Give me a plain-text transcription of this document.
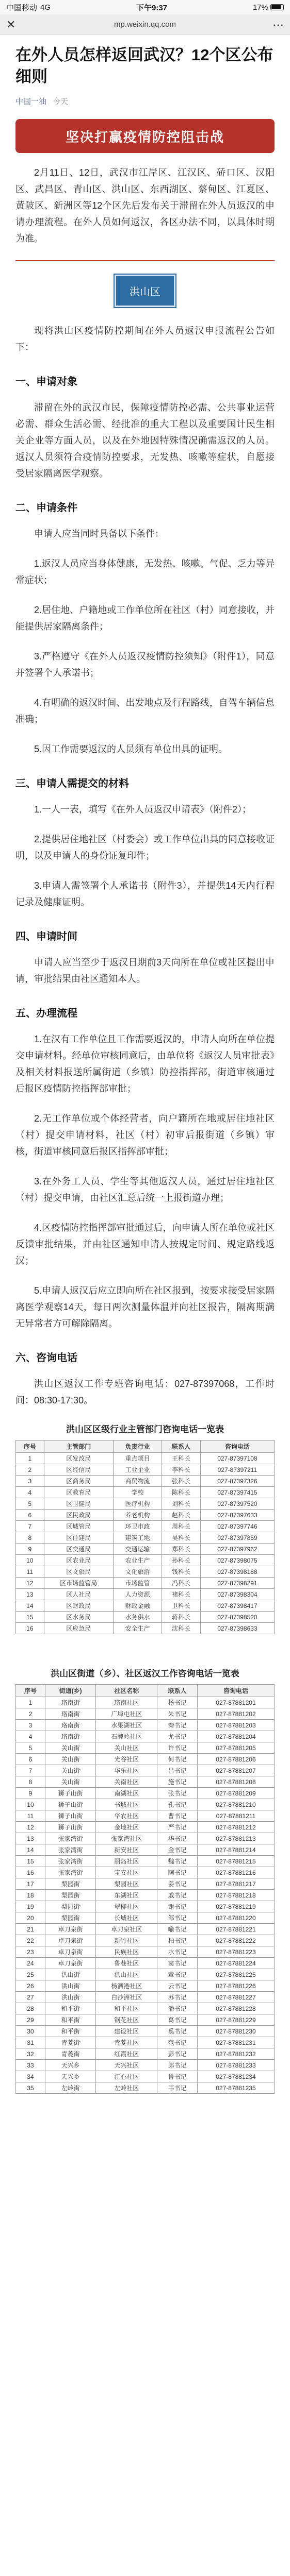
中国移动 4G	下午9:37	17%
✕	mp.weixin.qq.com	···
在外人员怎样返回武汉？12个区公布细则
中国一油 今天
坚决打赢疫情防控阻击战

2月11日、12日，武汉市江岸区、江汉区、硚口区、汉阳区、武昌区、青山区、洪山区、东西湖区、蔡甸区、江夏区、黄陂区、新洲区等12个区先后发布关于滞留在外人员返汉的申请办理流程。在外人员如何返汉，各区办法不同，以具体时期为准。

洪山区

现将洪山区疫情防控期间在外人员返汉申报流程公告如下：

一、申请对象

滞留在外的武汉市民，保障疫情防控必需、公共事业运营必需、群众生活必需、经批准的重大工程以及重要国计民生相关企业等方面人员，以及在外地因特殊情况确需返汉的人员。返汉人员须符合疫情防控要求，无发热、咳嗽等症状，自愿接受居家隔离医学观察。

二、申请条件

申请人应当同时具备以下条件：

1.返汉人员应当身体健康，无发热、咳嗽、气促、乏力等异常症状；

2.居住地、户籍地或工作单位所在社区（村）同意接收，并能提供居家隔离条件；

3.严格遵守《在外人员返汉疫情防控须知》（附件1），同意并签署个人承诺书；

4.有明确的返汉时间、出发地点及行程路线，自驾车辆信息准确；

5.因工作需要返汉的人员须有单位出具的证明。

三、申请人需提交的材料

1.一人一表，填写《在外人员返汉申请表》（附件2）；

2.提供居住地社区（村委会）或工作单位出具的同意接收证明，以及申请人的身份证复印件；

3.申请人需签署个人承诺书（附件3），并提供14天内行程记录及健康证明。

四、申请时间

申请人应当至少于返汉日期前3天向所在单位或社区提出申请，审批结果由社区通知本人。

五、办理流程

1.在汉有工作单位且工作需要返汉的，申请人向所在单位提交申请材料。经单位审核同意后，由单位将《返汉人员审批表》及相关材料报送所属街道（乡镇）防控指挥部，街道审核通过后报区疫情防控指挥部审批；

2.无工作单位或个体经营者，向户籍所在地或居住地社区（村）提交申请材料，社区（村）初审后报街道（乡镇）审核，街道审核同意后报区指挥部审批；

3.在外务工人员、学生等其他返汉人员，通过居住地社区（村）提交申请，由社区汇总后统一上报街道办理；

4.区疫情防控指挥部审批通过后，向申请人所在单位或社区反馈审批结果，并由社区通知申请人按规定时间、规定路线返汉；

5.申请人返汉后应立即向所在社区报到，按要求接受居家隔离医学观察14天，每日两次测量体温并向社区报告，隔离期满无异常者方可解除隔离。

六、咨询电话

洪山区返汉工作专班咨询电话：027-87397068，工作时间：08:30-17:30。

洪山区区级行业主管部门咨询电话一览表
序号	主管部门	负责行业	联系人	咨询电话
1	区发改局	重点项目	王科长	027-87397108
2	区经信局	工业企业	李科长	027-87397211
3	区商务局	商贸物流	张科长	027-87397326
4	区教育局	学校	陈科长	027-87397415
5	区卫健局	医疗机构	刘科长	027-87397520
6	区民政局	养老机构	赵科长	027-87397633
7	区城管局	环卫市政	周科长	027-87397746
8	区住建局	建筑工地	吴科长	027-87397859
9	区交通局	交通运输	郑科长	027-87397962
10	区农业局	农业生产	孙科长	027-87398075
11	区文旅局	文化旅游	钱科长	027-87398188
12	区市场监管局	市场监管	冯科长	027-87398291
13	区人社局	人力资源	褚科长	027-87398304
14	区财政局	财政金融	卫科长	027-87398417
15	区水务局	水务供水	蒋科长	027-87398520
16	区应急局	安全生产	沈科长	027-87398633
洪山区街道（乡）、社区返汉工作咨询电话一览表
序号	街道(乡)	社区名称	联系人	咨询电话
1	珞南街	珞南社区	杨书记	027-87881201
2	珞南街	广埠屯社区	朱书记	027-87881202
3	珞南街	水果湖社区	秦书记	027-87881203
4	珞南街	石牌岭社区	尤书记	027-87881204
5	关山街	关山社区	许书记	027-87881205
6	关山街	光谷社区	何书记	027-87881206
7	关山街	华乐社区	吕书记	027-87881207
8	关山街	关南社区	施书记	027-87881208
9	狮子山街	南湖社区	张书记	027-87881209
10	狮子山街	书城社区	孔书记	027-87881210
11	狮子山街	华农社区	曹书记	027-87881211
12	狮子山街	金地社区	严书记	027-87881212
13	张家湾街	张家湾社区	华书记	027-87881213
14	张家湾街	新安社区	金书记	027-87881214
15	张家湾街	丽岛社区	魏书记	027-87881215
16	张家湾街	宝安社区	陶书记	027-87881216
17	梨园街	梨园社区	姜书记	027-87881217
18	梨园街	东湖社区	戚书记	027-87881218
19	梨园街	翠柳社区	谢书记	027-87881219
20	梨园街	长城社区	邹书记	027-87881220
21	卓刀泉街	卓刀泉社区	喻书记	027-87881221
22	卓刀泉街	新竹社区	柏书记	027-87881222
23	卓刀泉街	民族社区	水书记	027-87881223
24	卓刀泉街	鲁巷社区	窦书记	027-87881224
25	洪山街	洪山社区	章书记	027-87881225
26	洪山街	杨泗港社区	云书记	027-87881226
27	洪山街	白沙洲社区	苏书记	027-87881227
28	和平街	和平社区	潘书记	027-87881228
29	和平街	钢花社区	葛书记	027-87881229
30	和平街	建设社区	奚书记	027-87881230
31	青菱街	青菱社区	范书记	027-87881231
32	青菱街	红霞社区	彭书记	027-87881232
33	天兴乡	天兴社区	郎书记	027-87881233
34	天兴乡	江心社区	鲁书记	027-87881234
35	左岭街	左岭社区	韦书记	027-87881235
